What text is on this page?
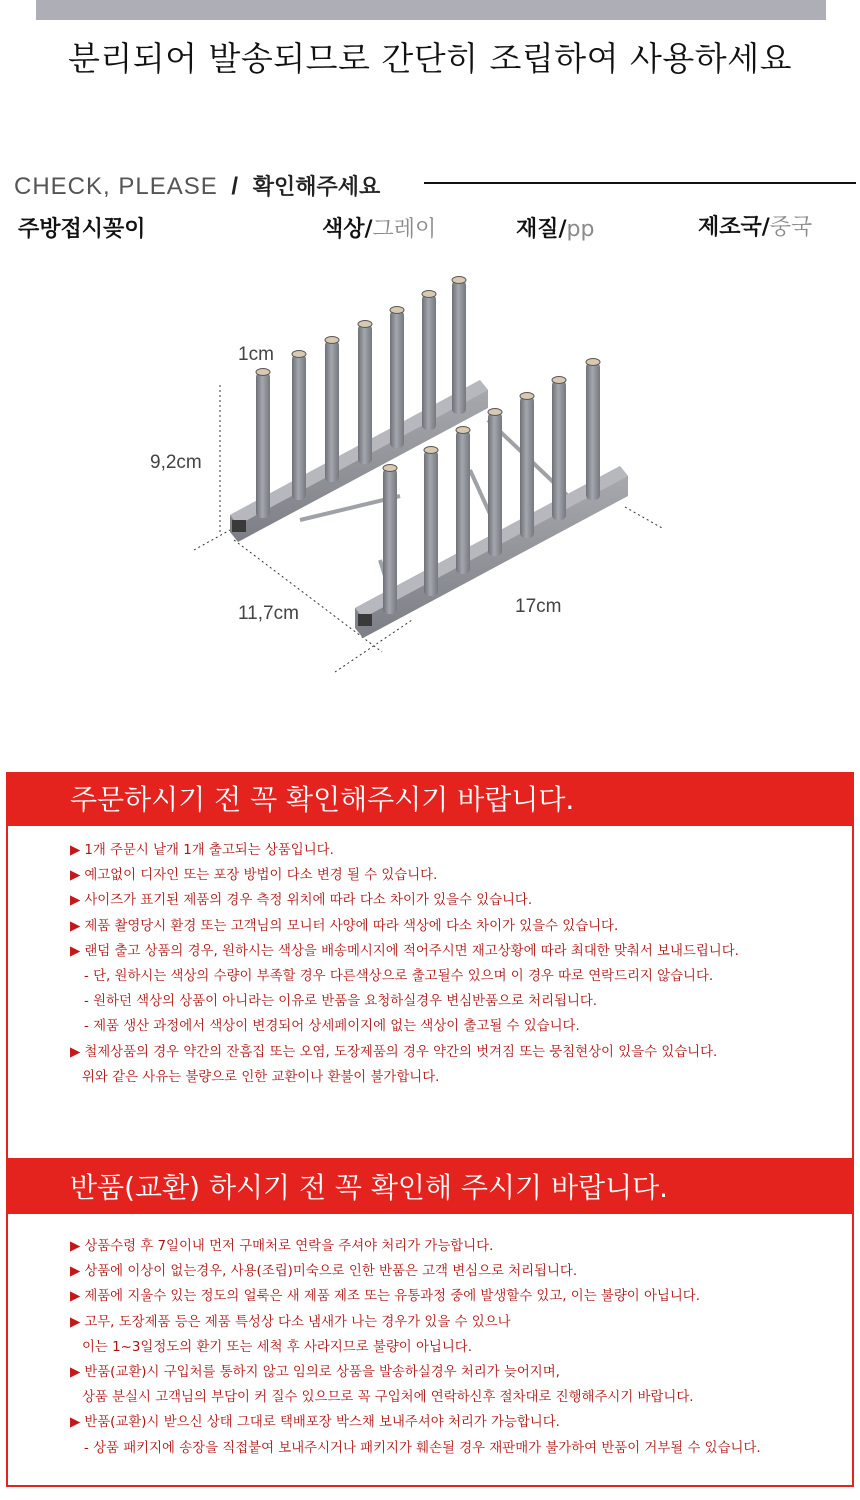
분리되어 발송되므로 간단히 조립하여 사용하세요
CHECK, PLEASE / 확인해주세요
주방접시꽂이	색상/그레이	재질/pp	제조국/중국
1cm
9,2cm
11,7cm	17cm
주문하시기 전 꼭 확인해주시기 바랍니다.
▶ 1개 주문시 낱개 1개 출고되는 상품입니다.
▶ 예고없이 디자인 또는 포장 방법이 다소 변경 될 수 있습니다.
▶ 사이즈가 표기된 제품의 경우 측정 위치에 따라 다소 차이가 있을수 있습니다.
▶ 제품 촬영당시 환경 또는 고객님의 모니터 사양에 따라 색상에 다소 차이가 있을수 있습니다.
▶ 랜덤 출고 상품의 경우, 원하시는 색상을 배송메시지에 적어주시면 재고상황에 따라 최대한 맞춰서 보내드립니다.
- 단, 원하시는 색상의 수량이 부족할 경우 다른색상으로 출고될수 있으며 이 경우 따로 연락드리지 않습니다.
- 원하던 색상의 상품이 아니라는 이유로 반품을 요청하실경우 변심반품으로 처리됩니다.
- 제품 생산 과정에서 색상이 변경되어 상세페이지에 없는 색상이 출고될 수 있습니다.
▶ 철제상품의 경우 약간의 잔흠집 또는 오염, 도장제품의 경우 약간의 벗겨짐 또는 뭉침현상이 있을수 있습니다.
위와 같은 사유는 불량으로 인한 교환이나 환불이 불가합니다.
반품(교환) 하시기 전 꼭 확인해 주시기 바랍니다.
▶ 상품수령 후 7일이내 먼저 구매처로 연락을 주셔야 처리가 가능합니다.
▶ 상품에 이상이 없는경우, 사용(조립)미숙으로 인한 반품은 고객 변심으로 처리됩니다.
▶ 제품에 지울수 있는 정도의 얼룩은 새 제품 제조 또는 유통과정 중에 발생할수 있고, 이는 불량이 아닙니다.
▶ 고무, 도장제품 등은 제품 특성상 다소 냄새가 나는 경우가 있을 수 있으나
이는 1~3일정도의 환기 또는 세척 후 사라지므로 불량이 아닙니다.
▶ 반품(교환)시 구입처를 통하지 않고 임의로 상품을 발송하실경우 처리가 늦어지며,
상품 분실시 고객님의 부담이 커 질수 있으므로 꼭 구입처에 연락하신후 절차대로 진행해주시기 바랍니다.
▶ 반품(교환)시 받으신 상태 그대로 택배포장 박스채 보내주셔야 처리가 가능합니다.
- 상품 패키지에 송장을 직접붙여 보내주시거나 패키지가 훼손될 경우 재판매가 불가하여 반품이 거부될 수 있습니다.
